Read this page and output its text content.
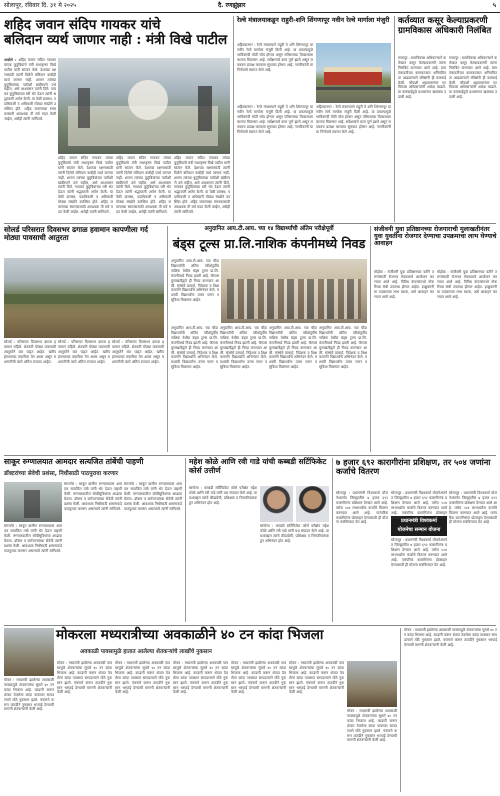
सोलापूर, रविवार दि. ३१ मे २०२५	दै. रणझुंझार	५
शहिद जवान संदिप गायकर यांचे
बलिदान व्यर्थ जाणार नाही : मंत्री विखे पाटील
अकोले : शहिद जवान संदिप गायकर यांच्या कुटुंबियांचे मंत्री राधाकृष्ण विखे पाटील यांनी सांत्वन केले. देशाच्या रक्षणासाठी त्यांनी दिलेले बलिदान कधीही व्यर्थ जाणार नाही. शासन त्यांच्या कुटुंबियांच्या पाठीशी खंबीरपणे उभे राहील, असे आश्वासन त्यांनी दिले. गायकर कुटुंबियांच्या घरी भेट देऊन त्यांनी श्रद्धांजली अर्पण केली. या वेळी ग्रामस्थ, पदाधिकारी व अधिकारी मोठ्या संख्येने उपस्थित होते. शहिद जवानाच्या स्मारकासाठी आवश्यक ती सर्व मदत केली जाईल, असेही त्यांनी सांगितले.
शहिद जवान संदिप गायकर यांच्या कुटुंबियांचे मंत्री राधाकृष्ण विखे पाटील यांनी सांत्वन केले. देशाच्या रक्षणासाठी त्यांनी दिलेले बलिदान कधीही व्यर्थ जाणार नाही. शासन त्यांच्या कुटुंबियांच्या पाठीशी खंबीरपणे उभे राहील, असे आश्वासन त्यांनी दिले. गायकर कुटुंबियांच्या घरी भेट देऊन त्यांनी श्रद्धांजली अर्पण केली. या वेळी ग्रामस्थ, पदाधिकारी व अधिकारी मोठ्या संख्येने उपस्थित होते. शहिद जवानाच्या स्मारकासाठी आवश्यक ती सर्व मदत केली जाईल, असेही त्यांनी सांगितले.
शहिद जवान संदिप गायकर यांच्या कुटुंबियांचे मंत्री राधाकृष्ण विखे पाटील यांनी सांत्वन केले. देशाच्या रक्षणासाठी त्यांनी दिलेले बलिदान कधीही व्यर्थ जाणार नाही. शासन त्यांच्या कुटुंबियांच्या पाठीशी खंबीरपणे उभे राहील, असे आश्वासन त्यांनी दिले. गायकर कुटुंबियांच्या घरी भेट देऊन त्यांनी श्रद्धांजली अर्पण केली. या वेळी ग्रामस्थ, पदाधिकारी व अधिकारी मोठ्या संख्येने उपस्थित होते. शहिद जवानाच्या स्मारकासाठी आवश्यक ती सर्व मदत केली जाईल, असेही त्यांनी सांगितले.
शहिद जवान संदिप गायकर यांच्या कुटुंबियांचे मंत्री राधाकृष्ण विखे पाटील यांनी सांत्वन केले. देशाच्या रक्षणासाठी त्यांनी दिलेले बलिदान कधीही व्यर्थ जाणार नाही. शासन त्यांच्या कुटुंबियांच्या पाठीशी खंबीरपणे उभे राहील, असे आश्वासन त्यांनी दिले. गायकर कुटुंबियांच्या घरी भेट देऊन त्यांनी श्रद्धांजली अर्पण केली. या वेळी ग्रामस्थ, पदाधिकारी व अधिकारी मोठ्या संख्येने उपस्थित होते. शहिद जवानाच्या स्मारकासाठी आवश्यक ती सर्व मदत केली जाईल, असेही त्यांनी सांगितले.
रेल्वे मंत्रालयाकडून राहुरी-शनि शिंगणापूर नवीन रेल्वे मार्गाला मंजुरी
अहिल्यानगर : रेल्वे मंत्रालयाने राहुरी ते शनि शिंगणापूर या नवीन रेल्वे मार्गाला मंजुरी दिली आहे. या प्रकल्पामुळे भाविकांची मोठी सोय होणार असून परिसराच्या विकासाला चालना मिळणार आहे. सर्वेक्षणाचे काम पूर्ण झाले असून लवकरच प्रत्यक्ष कामाला सुरुवात होणार आहे. नागरिकांनी या निर्णयाचे स्वागत केले आहे.
अहिल्यानगर : रेल्वे मंत्रालयाने राहुरी ते शनि शिंगणापूर या नवीन रेल्वे मार्गाला मंजुरी दिली आहे. या प्रकल्पामुळे भाविकांची मोठी सोय होणार असून परिसराच्या विकासाला चालना मिळणार आहे. सर्वेक्षणाचे काम पूर्ण झाले असून लवकरच प्रत्यक्ष कामाला सुरुवात होणार आहे. नागरिकांनी या निर्णयाचे स्वागत केले आहे.
अहिल्यानगर : रेल्वे मंत्रालयाने राहुरी ते शनि शिंगणापूर या नवीन रेल्वे मार्गाला मंजुरी दिली आहे. या प्रकल्पामुळे भाविकांची मोठी सोय होणार असून परिसराच्या विकासाला चालना मिळणार आहे. सर्वेक्षणाचे काम पूर्ण झाले असून लवकरच प्रत्यक्ष कामाला सुरुवात होणार आहे. नागरिकांनी या निर्णयाचे स्वागत केले आहे.
कर्तव्यात कसूर केल्याप्रकरणी ग्रामविकास अधिकारी निलंबित
राजापूर : ग्रामविकास अधिकाऱ्याने कर्तव्यात कसूर केल्याप्रकरणी त्यांना निलंबित करण्यात आले आहे. ग्रामपंचायतीच्या कामकाजात अनियमितता आढळल्याने वरिष्ठांनी ही कारवाई केली. चौकशी अहवालानंतर गटविकास अधिकाऱ्यांनी आदेश काढले. या कारवाईमुळे प्रशासनात खळबळ उडाली आहे.
राजापूर : ग्रामविकास अधिकाऱ्याने कर्तव्यात कसूर केल्याप्रकरणी त्यांना निलंबित करण्यात आले आहे. ग्रामपंचायतीच्या कामकाजात अनियमितता आढळल्याने वरिष्ठांनी ही कारवाई केली. चौकशी अहवालानंतर गटविकास अधिकाऱ्यांनी आदेश काढले. या कारवाईमुळे प्रशासनात खळबळ उडाली आहे.
सोलर्ड परिसरात दिवसभर ढगाळ हवामान कापणीला गर्द मोठ्या पावसाची आतुरता
सोलर्ड : परिसरात दिवसभर ढगाळ हवामान राहिले. शेतकरी मोठ्या पावसाची आतुरतेने वाट पाहत आहेत. खरीप हंगामाच्या तयारीला वेग आला असून मशागतीची कामे अंतिम टप्प्यात आहेत.
सोलर्ड : परिसरात दिवसभर ढगाळ हवामान राहिले. शेतकरी मोठ्या पावसाची आतुरतेने वाट पाहत आहेत. खरीप हंगामाच्या तयारीला वेग आला असून मशागतीची कामे अंतिम टप्प्यात आहेत.
सोलर्ड : परिसरात दिवसभर ढगाळ हवामान राहिले. शेतकरी मोठ्या पावसाची आतुरतेने वाट पाहत आहेत. खरीप हंगामाच्या तयारीला वेग आला असून मशागतीची कामे अंतिम टप्प्यात आहेत.
अनुदानित आय.टी.आय. च्या १४ विद्यार्थ्यांची अंतिम परीक्षेपूर्वी
बंड्स टूल्स प्रा.लि.नाशिक कंपनीमध्ये निवड
अनुदानित आय.टी.आय. च्या चौदा विद्यार्थ्यांची अंतिम परीक्षेपूर्वीच नाशिक येथील बंड्स टूल्स प्रा.लि. कंपनीमध्ये निवड झाली आहे. कॅम्पस मुलाखतीद्वारे ही निवड करण्यात आली. संस्थेचे प्राचार्य, निदेशक व शिक्षकवर्गाने विद्यार्थ्यांचे अभिनंदन केले. यशस्वी विद्यार्थ्यांना उत्तम पगार व सुविधा मिळणार आहेत.
अनुदानित आय.टी.आय. च्या चौदा विद्यार्थ्यांची अंतिम परीक्षेपूर्वीच नाशिक येथील बंड्स टूल्स प्रा.लि. कंपनीमध्ये निवड झाली आहे. कॅम्पस मुलाखतीद्वारे ही निवड करण्यात आली. संस्थेचे प्राचार्य, निदेशक व शिक्षकवर्गाने विद्यार्थ्यांचे अभिनंदन केले. यशस्वी विद्यार्थ्यांना उत्तम पगार व सुविधा मिळणार आहेत.
अनुदानित आय.टी.आय. च्या चौदा विद्यार्थ्यांची अंतिम परीक्षेपूर्वीच नाशिक येथील बंड्स टूल्स प्रा.लि. कंपनीमध्ये निवड झाली आहे. कॅम्पस मुलाखतीद्वारे ही निवड करण्यात आली. संस्थेचे प्राचार्य, निदेशक व शिक्षकवर्गाने विद्यार्थ्यांचे अभिनंदन केले. यशस्वी विद्यार्थ्यांना उत्तम पगार व सुविधा मिळणार आहेत.
अनुदानित आय.टी.आय. च्या चौदा विद्यार्थ्यांची अंतिम परीक्षेपूर्वीच नाशिक येथील बंड्स टूल्स प्रा.लि. कंपनीमध्ये निवड झाली आहे. कॅम्पस मुलाखतीद्वारे ही निवड करण्यात आली. संस्थेचे प्राचार्य, निदेशक व शिक्षकवर्गाने विद्यार्थ्यांचे अभिनंदन केले. यशस्वी विद्यार्थ्यांना उत्तम पगार व सुविधा मिळणार आहेत.
अनुदानित आय.टी.आय. च्या चौदा विद्यार्थ्यांची अंतिम परीक्षेपूर्वीच नाशिक येथील बंड्स टूल्स प्रा.लि. कंपनीमध्ये निवड झाली आहे. कॅम्पस मुलाखतीद्वारे ही निवड करण्यात आली. संस्थेचे प्राचार्य, निदेशक व शिक्षकवर्गाने विद्यार्थ्यांचे अभिनंदन केले. यशस्वी विद्यार्थ्यांना उत्तम पगार व सुविधा मिळणार आहेत.
संजीवनी युवा प्रतिष्ठानच्या रोजगाराची मुलाखतीनंतर युवा युवतींना रोजगार देण्याचा उपक्रमाचा लाभ घेण्याचे आवाहन
मोहोळ : संजीवनी युवा प्रतिष्ठानच्या वतीने तरुणांसाठी रोजगार मेळाव्याचे आयोजन करण्यात आले आहे. विविध कंपन्यांमध्ये नोकरीच्या संधी उपलब्ध होणार आहेत. इच्छुकांनी या उपक्रमाचा लाभ घ्यावा, असे आवाहन करण्यात आले आहे.
मोहोळ : संजीवनी युवा प्रतिष्ठानच्या वतीने तरुणांसाठी रोजगार मेळाव्याचे आयोजन करण्यात आले आहे. विविध कंपन्यांमध्ये नोकरीच्या संधी उपलब्ध होणार आहेत. इच्छुकांनी या उपक्रमाचा लाभ घ्यावा, असे आवाहन करण्यात आले आहे.
साकूर रुग्णालयात आमदार सत्यजित तांबेंची पाहणी
डॉक्टरांच्या सेवेची प्रशंसा, निधीसाठी पाठपुरावा करणार
संगमनेर : साकूर ग्रामीण रुग्णालयाला आमदार सत्यजित तांबे यांनी भेट देऊन पाहणी केली. रुग्णालयातील सोयीसुविधांचा आढावा घेतला. डॉक्टर व कर्मचाऱ्यांच्या सेवेची त्यांनी प्रशंसा केली. आवश्यक निधीसाठी शासनाकडे पाठपुरावा करणार असल्याचे त्यांनी सांगितले.
संगमनेर : साकूर ग्रामीण रुग्णालयाला आमदार सत्यजित तांबे यांनी भेट देऊन पाहणी केली. रुग्णालयातील सोयीसुविधांचा आढावा घेतला. डॉक्टर व कर्मचाऱ्यांच्या सेवेची त्यांनी प्रशंसा केली. आवश्यक निधीसाठी शासनाकडे पाठपुरावा करणार असल्याचे त्यांनी सांगितले.
संगमनेर : साकूर ग्रामीण रुग्णालयाला आमदार सत्यजित तांबे यांनी भेट देऊन पाहणी केली. रुग्णालयातील सोयीसुविधांचा आढावा घेतला. डॉक्टर व कर्मचाऱ्यांच्या सेवेची त्यांनी प्रशंसा केली. आवश्यक निधीसाठी शासनाकडे पाठपुरावा करणार असल्याचे त्यांनी सांगितले.
महेश कोळे आणि रवी गाडे यांची कब्बडी सर्टिफिकेट कोर्स उत्तीर्ण
सांगोला : कब्बडी सर्टिफिकेट कोर्स परीक्षेत महेश कोळे आणि रवी गाडे यांनी यश संपादन केले आहे. या यशाबद्दल त्यांचे क्रीडाप्रेमी, प्रशिक्षक व मित्रपरिवाराकडून अभिनंदन होत आहे.
सांगोला : कब्बडी सर्टिफिकेट कोर्स परीक्षेत महेश कोळे आणि रवी गाडे यांनी यश संपादन केले आहे. या यशाबद्दल त्यांचे क्रीडाप्रेमी, प्रशिक्षक व मित्रपरिवाराकडून अभिनंदन होत आहे.
७ हजार ६९२ कारागीरांना प्रशिक्षण, तर ५०४ जणांना कर्जाचे वितरण
सोलापूर : प्रधानमंत्री विश्वकर्मा योजनेअंतर्गत जिल्ह्यातील ७ हजार ६९२ कारागीरांना प्रशिक्षण देण्यात आले आहे. तसेच ५०४ लाभार्थ्यांना कर्जाचे वितरण करण्यात आले आहे. पारंपरिक कारागिरांना प्रोत्साहन देण्यासाठी ही योजना राबविण्यात येत आहे.	प्रधानमंत्री विश्वकर्मा
योजनेचा सन्मान योजना
सोलापूर : प्रधानमंत्री विश्वकर्मा योजनेअंतर्गत जिल्ह्यातील ७ हजार ६९२ कारागीरांना प्रशिक्षण देण्यात आले आहे. तसेच ५०४ लाभार्थ्यांना कर्जाचे वितरण करण्यात आले आहे. पारंपरिक कारागिरांना प्रोत्साहन देण्यासाठी ही योजना राबविण्यात येत आहे.
सोलापूर : प्रधानमंत्री विश्वकर्मा योजनेअंतर्गत जिल्ह्यातील ७ हजार ६९२ कारागीरांना प्रशिक्षण देण्यात आले आहे. तसेच ५०४ लाभार्थ्यांना कर्जाचे वितरण करण्यात आले आहे. पारंपरिक कारागिरांना प्रोत्साहन देण्यासाठी ही योजना राबविण्यात येत आहे.
सोलापूर : प्रधानमंत्री विश्वकर्मा योजनेअंतर्गत जिल्ह्यातील ७ हजार ६९२ कारागीरांना प्रशिक्षण देण्यात आले आहे. तसेच ५०४ लाभार्थ्यांना कर्जाचे वितरण करण्यात आले आहे. पारंपरिक कारागिरांना प्रोत्साहन देण्यासाठी ही योजना राबविण्यात येत आहे.
मोकरला मध्यरात्रीच्या अवकाळीने ४० टन कांदा भिजला
अवकाळी पावसामुळे हातात आलेल्या शेतकऱ्यांचे लाखोंचे नुकसान
मोकर : मध्यरात्री झालेल्या अवकाळी पावसामुळे शेतकऱ्यांचा सुमारे ४० टन कांदा भिजला आहे. काढणी करून शेतात ठेवलेला कांदा पावसात सापडल्याने मोठे नुकसान झाले. पंचनामे करून तातडीने नुकसान भरपाई देण्याची मागणी शेतकऱ्यांनी केली आहे.
मोकर : मध्यरात्री झालेल्या अवकाळी पावसामुळे शेतकऱ्यांचा सुमारे ४० टन कांदा भिजला आहे. काढणी करून शेतात ठेवलेला कांदा पावसात सापडल्याने मोठे नुकसान झाले. पंचनामे करून तातडीने नुकसान भरपाई देण्याची मागणी शेतकऱ्यांनी केली आहे.
मोकर : मध्यरात्री झालेल्या अवकाळी पावसामुळे शेतकऱ्यांचा सुमारे ४० टन कांदा भिजला आहे. काढणी करून शेतात ठेवलेला कांदा पावसात सापडल्याने मोठे नुकसान झाले. पंचनामे करून तातडीने नुकसान भरपाई देण्याची मागणी शेतकऱ्यांनी केली आहे.
मोकर : मध्यरात्री झालेल्या अवकाळी पावसामुळे शेतकऱ्यांचा सुमारे ४० टन कांदा भिजला आहे. काढणी करून शेतात ठेवलेला कांदा पावसात सापडल्याने मोठे नुकसान झाले. पंचनामे करून तातडीने नुकसान भरपाई देण्याची मागणी शेतकऱ्यांनी केली आहे.
मोकर : मध्यरात्री झालेल्या अवकाळी पावसामुळे शेतकऱ्यांचा सुमारे ४० टन कांदा भिजला आहे. काढणी करून शेतात ठेवलेला कांदा पावसात सापडल्याने मोठे नुकसान झाले. पंचनामे करून तातडीने नुकसान भरपाई देण्याची मागणी शेतकऱ्यांनी केली आहे.
मोकर : मध्यरात्री झालेल्या अवकाळी पावसामुळे शेतकऱ्यांचा सुमारे ४० टन कांदा भिजला आहे. काढणी करून शेतात ठेवलेला कांदा पावसात सापडल्याने मोठे नुकसान झाले. पंचनामे करून तातडीने नुकसान भरपाई देण्याची मागणी शेतकऱ्यांनी केली आहे.
मोकर : मध्यरात्री झालेल्या अवकाळी पावसामुळे शेतकऱ्यांचा सुमारे ४० टन कांदा भिजला आहे. काढणी करून शेतात ठेवलेला कांदा पावसात सापडल्याने मोठे नुकसान झाले. पंचनामे करून तातडीने नुकसान भरपाई देण्याची मागणी शेतकऱ्यांनी केली आहे.
मोकर : मध्यरात्री झालेल्या अवकाळी पावसामुळे शेतकऱ्यांचा सुमारे ४० टन कांदा भिजला आहे. काढणी करून शेतात ठेवलेला कांदा पावसात सापडल्याने मोठे नुकसान झाले. पंचनामे करून तातडीने नुकसान भरपाई देण्याची मागणी शेतकऱ्यांनी केली आहे.
